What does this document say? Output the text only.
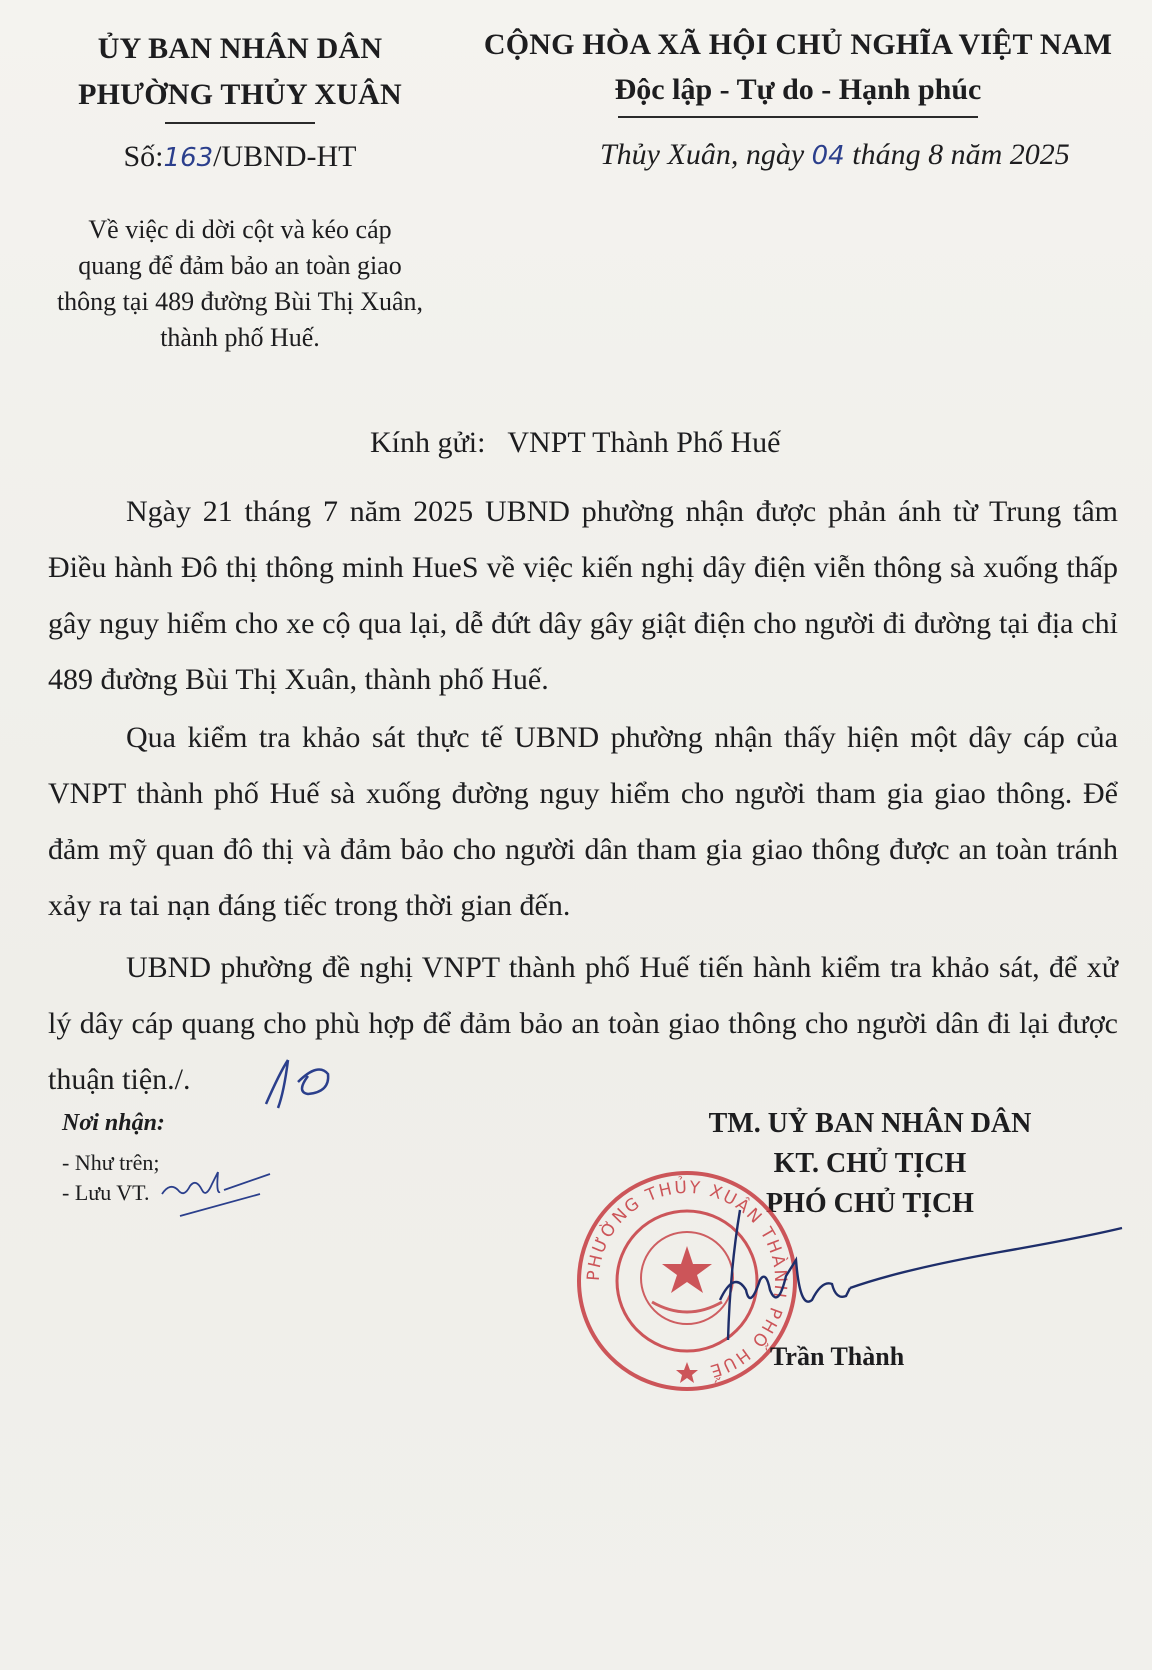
ỦY BAN NHÂN DÂN
PHƯỜNG THỦY XUÂN
CỘNG HÒA XÃ HỘI CHỦ NGHĨA VIỆT NAM
Độc lập - Tự do - Hạnh phúc
Số:163/UBND-HT	Thủy Xuân, ngày 04 tháng 8 năm 2025
Về việc di dời cột và kéo cáp
quang để đảm bảo an toàn giao
thông tại 489 đường Bùi Thị Xuân,
thành phố Huế.
Kính gửi:   VNPT Thành Phố Huế
Ngày 21 tháng 7 năm 2025 UBND phường nhận được phản ánh từ Trung tâm Điều hành Đô thị thông minh HueS về việc kiến nghị dây điện viễn thông sà xuống thấp gây nguy hiểm cho xe cộ qua lại, dễ đứt dây gây giật điện cho người đi đường tại địa chỉ 489 đường Bùi Thị Xuân, thành phố Huế.
Qua kiểm tra khảo sát thực tế UBND phường nhận thấy hiện một dây cáp của VNPT thành phố Huế sà xuống đường nguy hiểm cho người tham gia giao thông. Để đảm mỹ quan đô thị và đảm bảo cho người dân tham gia giao thông được an toàn tránh xảy ra tai nạn đáng tiếc trong thời gian đến.
UBND phường đề nghị VNPT thành phố Huế tiến hành kiểm tra khảo sát, để xử lý dây cáp quang cho phù hợp để đảm bảo an toàn giao thông cho người dân đi lại được thuận tiện./.
Nơi nhận:
- Như trên;
- Lưu VT.
TM. UỶ BAN NHÂN DÂN
KT. CHỦ TỊCH
PHÓ CHỦ TỊCH
PHƯỜNG THỦY XUÂN THÀNH PHỐ HUẾ	Trần Thành
